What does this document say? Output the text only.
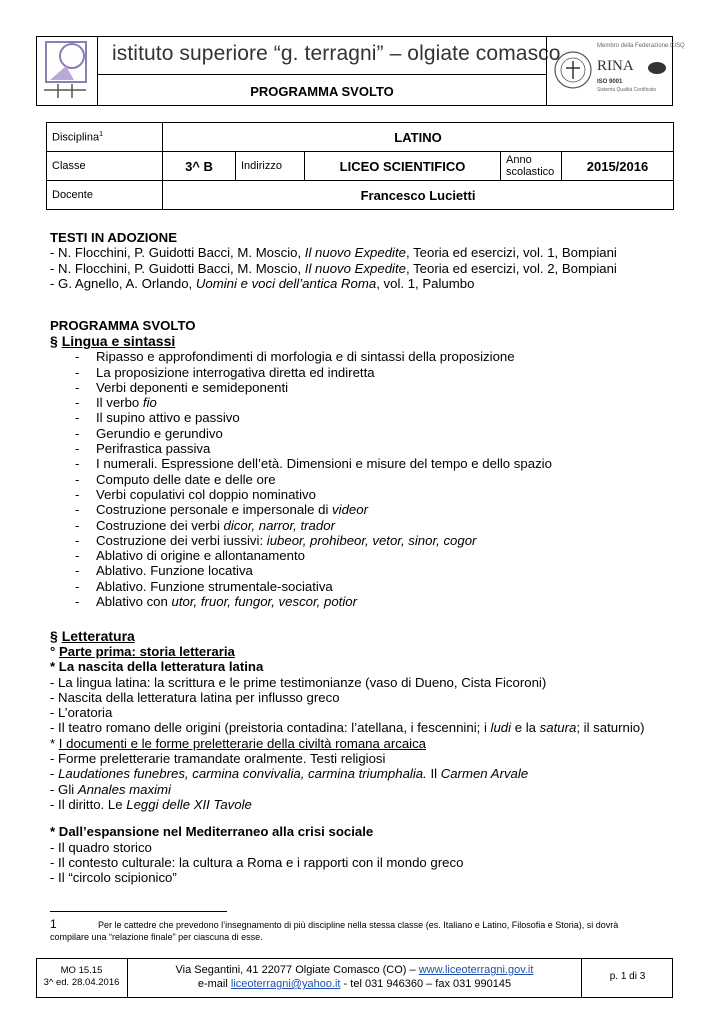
istituto superiore “g. terragni” – olgiate comasco
PROGRAMMA SVOLTO
Membro della Federazione CISQ
RINA
ISO 9001
Sistema Qualità Certificato
Disciplina$^1$	LATINO				
Classe	3^ B	Indirizzo	LICEO SCIENTIFICO	Anno scolastico	2015/2016
Docente	Francesco Lucietti				
TESTI IN ADOZIONE
- N. Flocchini, P. Guidotti Bacci, M. Moscio, Il nuovo Expedite, Teoria ed esercizi, vol. 1, Bompiani
- N. Flocchini, P. Guidotti Bacci, M. Moscio, Il nuovo Expedite, Teoria ed esercizi, vol. 2, Bompiani
- G. Agnello, A. Orlando, Uomini e voci dell’antica Roma, vol. 1, Palumbo
PROGRAMMA SVOLTO
§ Lingua e sintassi
- Ripasso e approfondimenti di morfologia e di sintassi della proposizione
- La proposizione interrogativa diretta ed indiretta
- Verbi deponenti e semideponenti
- Il verbo fio
- Il supino attivo e passivo
- Gerundio e gerundivo
- Perifrastica passiva
- I numerali. Espressione dell’età. Dimensioni e misure del tempo e dello spazio
- Computo delle date e delle ore
- Verbi copulativi col doppio nominativo
- Costruzione personale e impersonale di videor
- Costruzione dei verbi dicor, narror, trador
- Costruzione dei verbi iussivi: iubeor, prohibeor, vetor, sinor, cogor
- Ablativo di origine e allontanamento
- Ablativo. Funzione locativa
- Ablativo. Funzione strumentale-sociativa
- Ablativo con utor, fruor, fungor, vescor, potior
§ Letteratura
° Parte prima: storia letteraria
* La nascita della letteratura latina
- La lingua latina: la scrittura e le prime testimonianze (vaso di Dueno, Cista Ficoroni)
- Nascita della letteratura latina per influsso greco
- L’oratoria
- Il teatro romano delle origini (preistoria contadina: l’atellana, i fescennini; i ludi e la satura; il saturnio)
* I documenti e le forme preletterarie della civiltà romana arcaica
- Forme preletterarie tramandate oralmente. Testi religiosi
- Laudationes funebres, carmina convivalia, carmina triumphalia. Il Carmen Arvale
- Gli Annales maximi
- Il diritto. Le Leggi delle XII Tavole
* Dall’espansione nel Mediterraneo alla crisi sociale
- Il quadro storico
- Il contesto culturale: la cultura a Roma e i rapporti con il mondo greco
- Il “circolo scipionico”
1	Per le cattedre che prevedono l’insegnamento di più discipline nella stessa classe (es. Italiano e Latino, Filosofia e Storia), si dovrà
compilare una “relazione finale” per ciascuna di esse.
MO 15.15
3^ ed. 28.04.2016
Via Segantini, 41 22077 Olgiate Comasco (CO) – www.liceoterragni.gov.it
e-mail liceoterragni@yahoo.it - tel 031 946360 – fax 031 990145
p. 1 di 3
